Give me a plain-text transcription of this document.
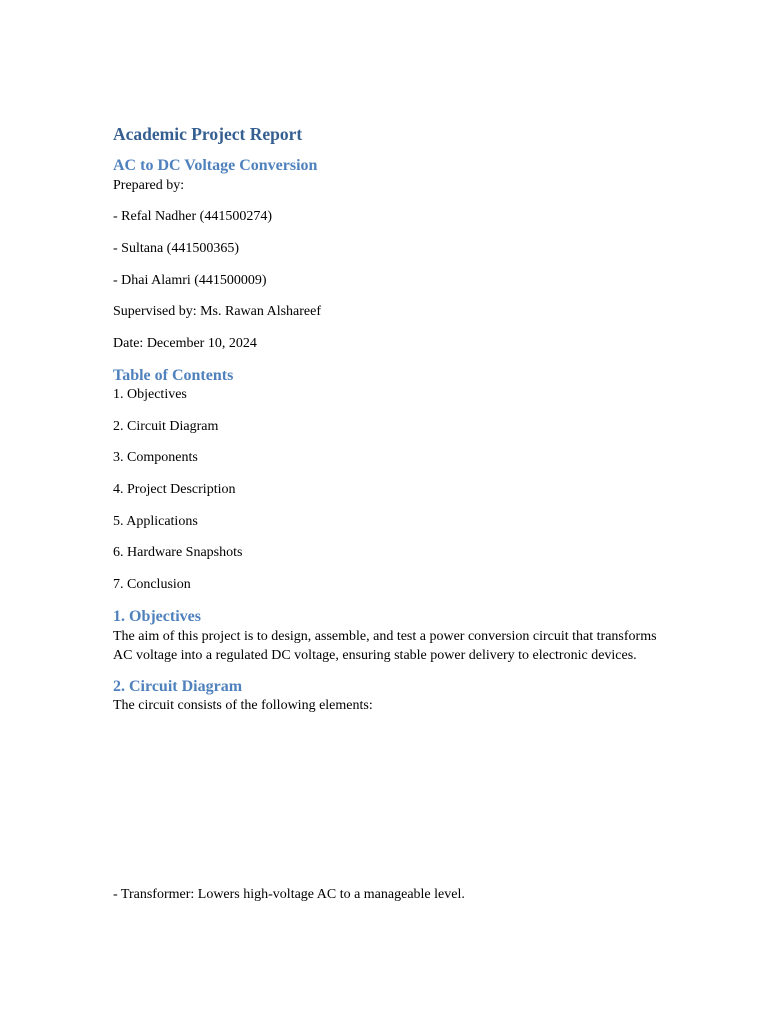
Academic Project Report
AC to DC Voltage Conversion

Prepared by:

- Refal Nadher (441500274)

- Sultana (441500365)

- Dhai Alamri (441500009)

Supervised by: Ms. Rawan Alshareef

Date: December 10, 2024

Table of Contents

1. Objectives

2. Circuit Diagram

3. Components

4. Project Description

5. Applications

6. Hardware Snapshots

7. Conclusion

1. Objectives

The aim of this project is to design, assemble, and test a power conversion circuit that transforms AC voltage into a regulated DC voltage, ensuring stable power delivery to electronic devices.

2. Circuit Diagram

The circuit consists of the following elements:

- Transformer: Lowers high-voltage AC to a manageable level.
